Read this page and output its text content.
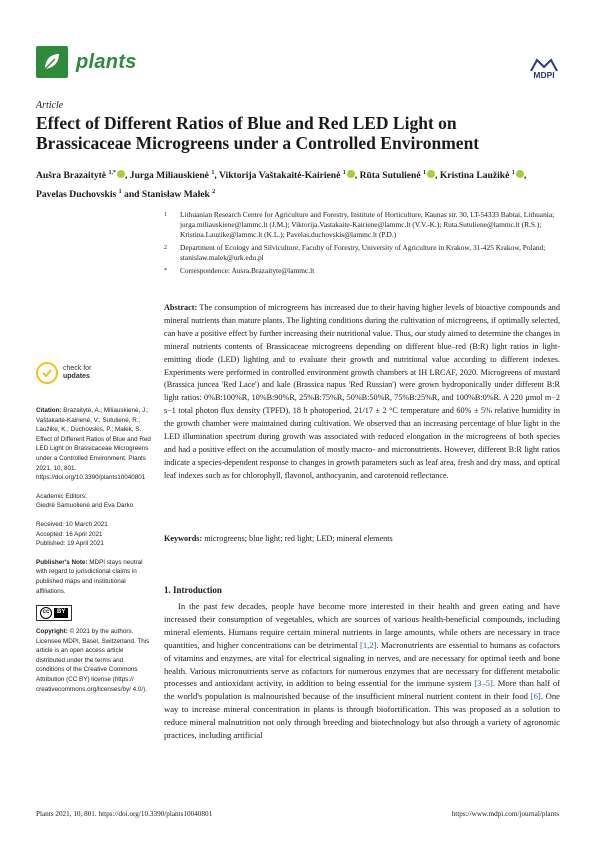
plants
MDPI
Article
Effect of Different Ratios of Blue and Red LED Light on Brassicaceae Microgreens under a Controlled Environment
Aušra Brazaitytė $^{1,*}$ , Jurga Miliauskienė $^1$, Viktorija Vaštakaitė-Kairienė $^1$ , Rūta Sutulienė $^1$ , Kristina Laužikė $^1$ , Pavelas Duchovskis $^1$ and Stanisław Małek $^2$
1	Lithuanian Research Centre for Agriculture and Forestry, Institute of Horticulture, Kaunas str. 30, LT-54333 Babtai, Lithuania; jurga.miliauskiene@lammc.lt (J.M.); Viktorija.Vastakaite-Kairiene@lammc.lt (V.V.-K.); Ruta.Sutuliene@lammc.lt (R.S.); Kristina.Lauzike@lammc.lt (K.L.); Pavelas.duchovskis@lammc.lt (P.D.)
2	Department of Ecology and Silviculture, Faculty of Forestry, University of Agriculture in Krakow, 31-425 Krakow, Poland; stanislaw.malek@urk.edu.pl
*	Correspondence: Ausra.Brazaityte@lammc.lt
Abstract: The consumption of microgreens has increased due to their having higher levels of bioactive compounds and mineral nutrients than mature plants. The lighting conditions during the cultivation of microgreens, if optimally selected, can have a positive effect by further increasing their nutritional value. Thus, our study aimed to determine the changes in mineral nutrients contents of Brassicaceae microgreens depending on different blue–red (B:R) light ratios in light-emitting diode (LED) lighting and to evaluate their growth and nutritional value according to different indexes. Experiments were performed in controlled environment growth chambers at IH LRCAF, 2020. Microgreens of mustard (Brassica juncea 'Red Lace') and kale (Brassica napus 'Red Russian') were grown hydroponically under different B:R light ratios: 0%B:100%R, 10%B:90%R, 25%B:75%R, 50%B:50%R, 75%B:25%R, and 100%B:0%R. A 220 µmol m−2 s−1 total photon flux density (TPFD), 18 h photoperiod, 21/17 ± 2 °C temperature and 60% ± 5% relative humidity in the growth chamber were maintained during cultivation. We observed that an increasing percentage of blue light in the LED illumination spectrum during growth was associated with reduced elongation in the microgreens of both species and had a positive effect on the accumulation of mostly macro- and micronutrients. However, different B:R light ratios indicate a species-dependent response to changes in growth parameters such as leaf area, fresh and dry mass, and optical leaf indexes such as for chlorophyll, flavonol, anthocyanin, and carotenoid reflectance.
Keywords: microgreens; blue light; red light; LED; mineral elements
check for
updates
Citation: Brazaitytė, A.; Miliauskienė, J.; Vaštakaitė-Kairienė, V.; Sutulienė, R.; Laužikė, K.; Duchovskis, P.; Małek, S. Effect of Different Ratios of Blue and Red LED Light on Brassicaceae Microgreens under a Controlled Environment. Plants 2021, 10, 801. https://doi.org/10.3390/plants10040801
Academic Editors:
Giedrė Samuolienė and Eva Darko
Received: 10 March 2021
Accepted: 16 April 2021
Published: 19 April 2021
Publisher's Note: MDPI stays neutral with regard to jurisdictional claims in published maps and institutional affiliations.
cc	BY
Copyright: © 2021 by the authors. Licensee MDPI, Basel, Switzerland. This article is an open access article distributed under the terms and conditions of the Creative Commons Attribution (CC BY) license (https:// creativecommons.org/licenses/by/ 4.0/).
1. Introduction

In the past few decades, people have become more interested in their health and green eating and have increased their consumption of vegetables, which are sources of various health-beneficial compounds, including mineral elements. Humans require certain mineral nutrients in large amounts, while others are necessary in trace quantities, and higher concentrations can be detrimental [1,2]. Macronutrients are essential to humans as cofactors of vitamins and enzymes, are vital for electrical signaling in nerves, and are necessary for optimal teeth and bone health. Various micronutrients serve as cofactors for numerous enzymes that are necessary for different metabolic processes and antioxidant activity, in addition to being essential for the immune system [3–5]. More than half of the world's population is malnourished because of the insufficient mineral nutrient content in their food [6]. One way to increase mineral concentration in plants is through biofortification. This was proposed as a solution to reduce mineral malnutrition not only through breeding and biotechnology but also through a variety of agronomic practices, including artificial

Plants 2021, 10, 801. https://doi.org/10.3390/plants10040801	https://www.mdpi.com/journal/plants
